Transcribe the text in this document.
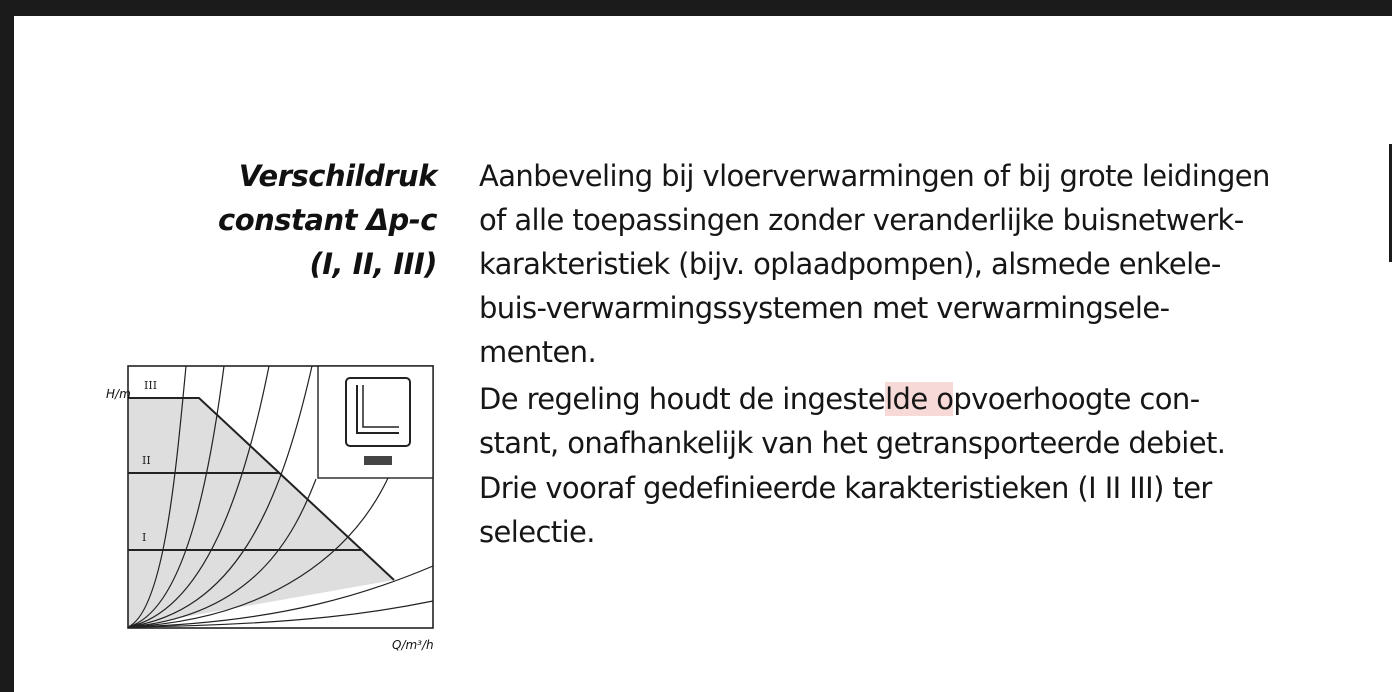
Verschildruk
constant Δp-c
(I, II, III)
Aanbeveling bij vloerverwarmingen of bij grote leidingen
of alle toepassingen zonder veranderlijke buisnetwerk-
karakteristiek (bijv. oplaadpompen), alsmede enkele-
buis-verwarmingssystemen met verwarmingsele-
menten.
De regeling houdt de ingestelde opvoerhoogte con-
stant, onafhankelijk van het getransporteerde debiet.
Drie vooraf gedefinieerde karakteristieken (I II III) ter
selectie.
H/m
Q/m³/h
III
II
I
